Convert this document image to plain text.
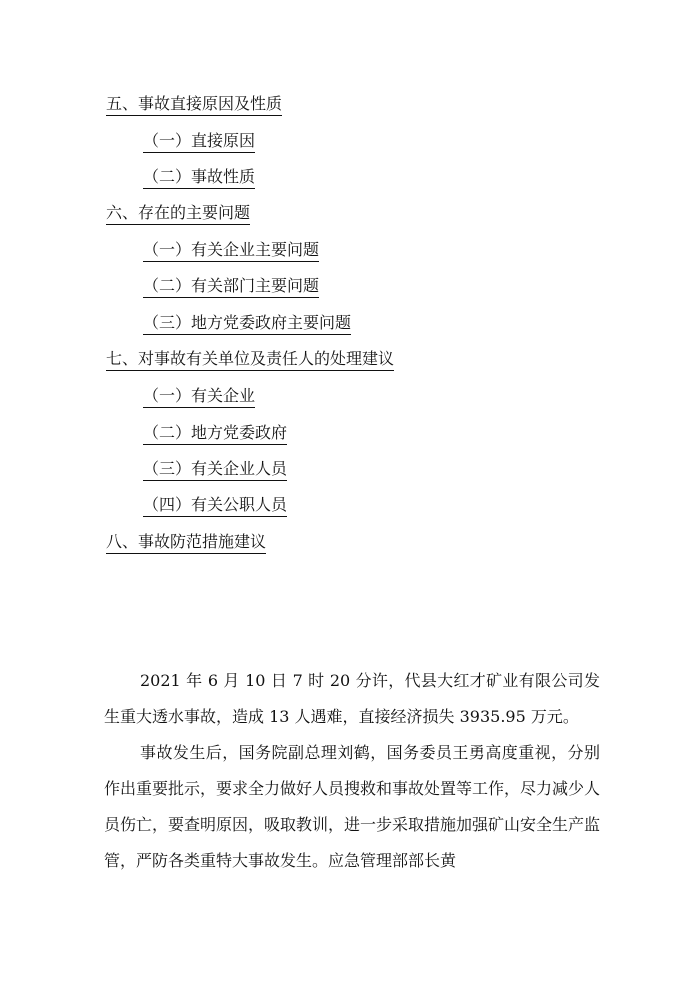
五、事故直接原因及性质
（一）直接原因
（二）事故性质
六、存在的主要问题
（一）有关企业主要问题
（二）有关部门主要问题
（三）地方党委政府主要问题
七、对事故有关单位及责任人的处理建议
（一）有关企业
（二）地方党委政府
（三）有关企业人员
（四）有关公职人员
八、事故防范措施建议

2021 年 6 月 10 日 7 时 20 分许，代县大红才矿业有限公司发生重大透水事故，造成 13 人遇难，直接经济损失 3935.95 万元。

事故发生后，国务院副总理刘鹤，国务委员王勇高度重视，分别作出重要批示，要求全力做好人员搜救和事故处置等工作，尽力减少人员伤亡，要查明原因，吸取教训，进一步采取措施加强矿山安全生产监管，严防各类重特大事故发生。应急管理部部长黄
